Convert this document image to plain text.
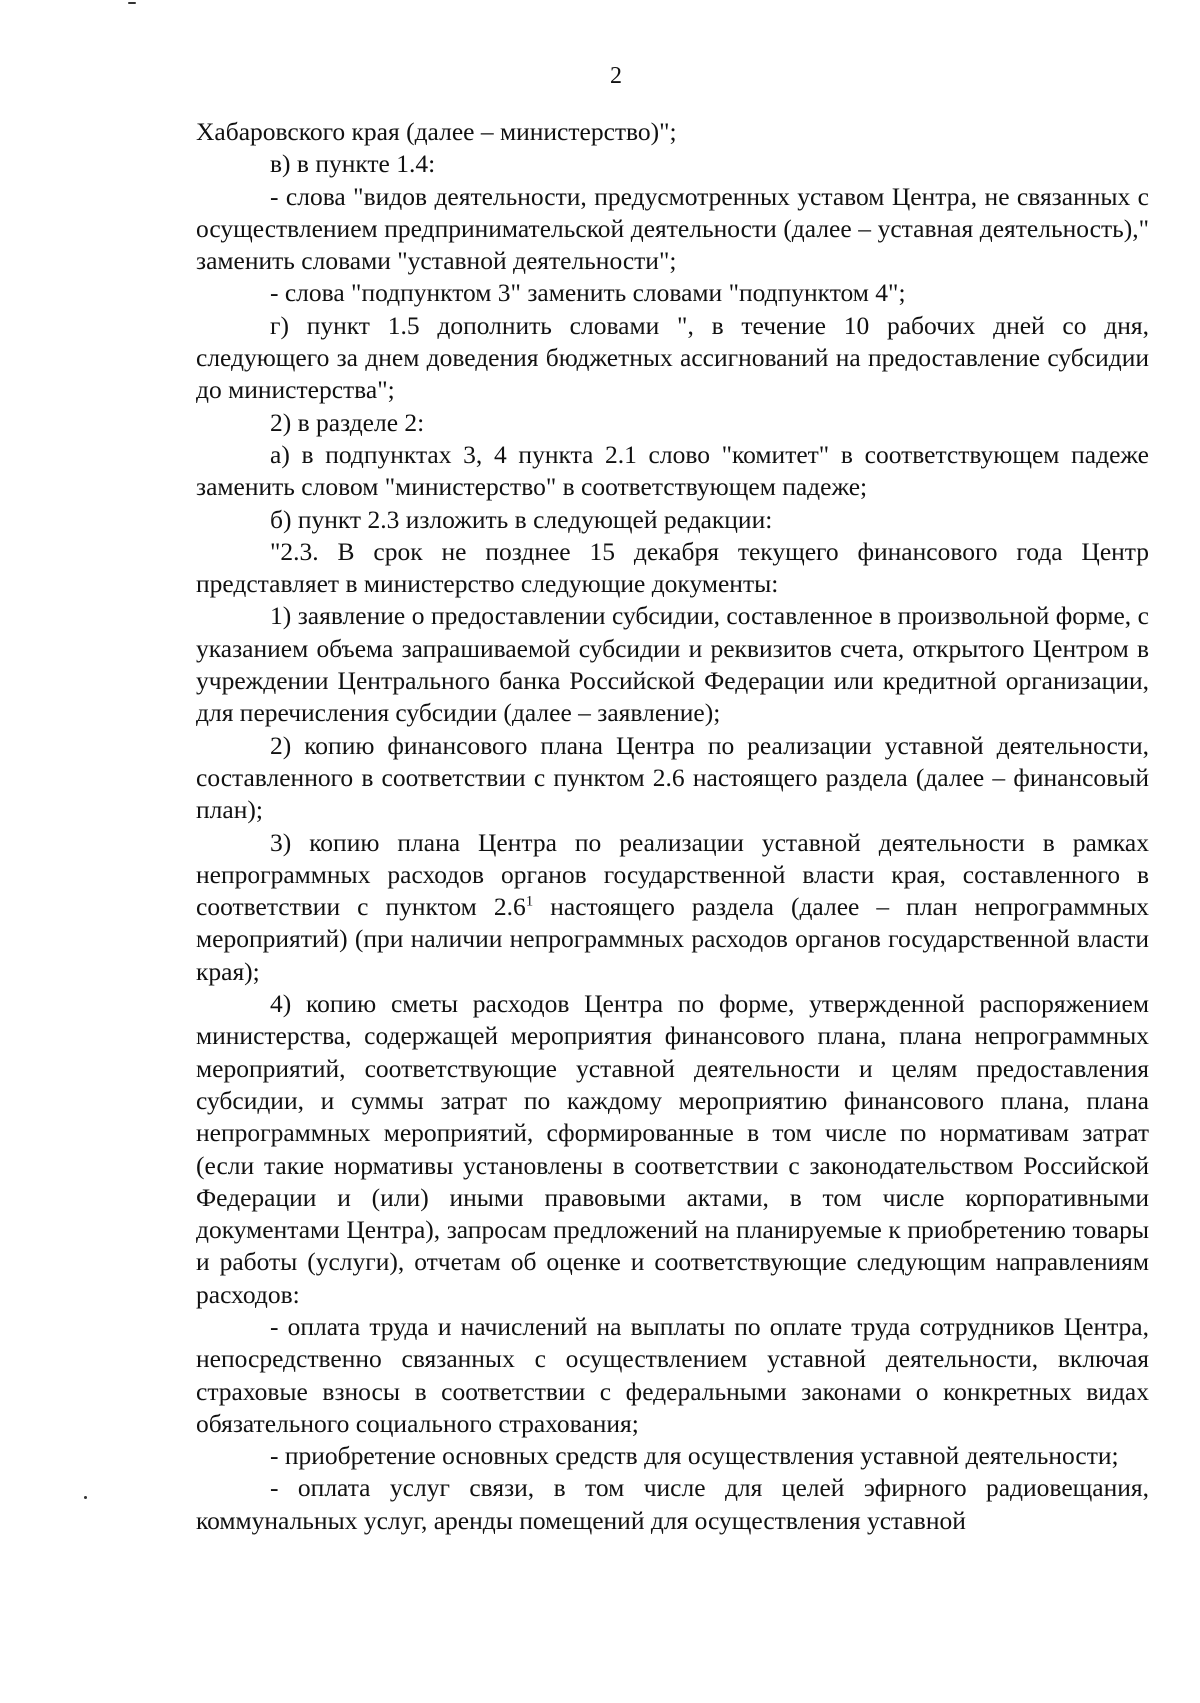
2

Хабаровского края (далее – министерство)";

в) в пункте 1.4:

- слова "видов деятельности, предусмотренных уставом Центра, не связанных с осуществлением предпринимательской деятельности (далее – уставная деятельность)," заменить словами "уставной деятельности";

- слова "подпунктом 3" заменить словами "подпунктом 4";

г) пункт 1.5 дополнить словами ", в течение 10 рабочих дней со дня, следующего за днем доведения бюджетных ассигнований на предоставление субсидии до министерства";

2) в разделе 2:

а) в подпунктах 3, 4 пункта 2.1 слово "комитет" в соответствующем падеже заменить словом "министерство" в соответствующем падеже;

б) пункт 2.3 изложить в следующей редакции:

"2.3. В срок не позднее 15 декабря текущего финансового года Центр представляет в министерство следующие документы:

1) заявление о предоставлении субсидии, составленное в произвольной форме, с указанием объема запрашиваемой субсидии и реквизитов счета, открытого Центром в учреждении Центрального банка Российской Федерации или кредитной организации, для перечисления субсидии (далее – заявление);

2) копию финансового плана Центра по реализации уставной деятельности, составленного в соответствии с пунктом 2.6 настоящего раздела (далее – финансовый план);

3) копию плана Центра по реализации уставной деятельности в рамках непрограммных расходов органов государственной власти края, составленного в соответствии с пунктом $2.6^1$ настоящего раздела (далее – план непрограммных мероприятий) (при наличии непрограммных расходов органов государственной власти края);

4) копию сметы расходов Центра по форме, утвержденной распоряжением министерства, содержащей мероприятия финансового плана, плана непрограммных мероприятий, соответствующие уставной деятельности и целям предоставления субсидии, и суммы затрат по каждому мероприятию финансового плана, плана непрограммных мероприятий, сформированные в том числе по нормативам затрат (если такие нормативы установлены в соответствии с законодательством Российской Федерации и (или) иными правовыми актами, в том числе корпоративными документами Центра), запросам предложений на планируемые к приобретению товары и работы (услуги), отчетам об оценке и соответствующие следующим направлениям расходов:

- оплата труда и начислений на выплаты по оплате труда сотрудников Центра, непосредственно связанных с осуществлением уставной деятельности, включая страховые взносы в соответствии с федеральными законами о конкретных видах обязательного социального страхования;

- приобретение основных средств для осуществления уставной деятельности;

- оплата услуг связи, в том числе для целей эфирного радиовещания, коммунальных услуг, аренды помещений для осуществления уставной
